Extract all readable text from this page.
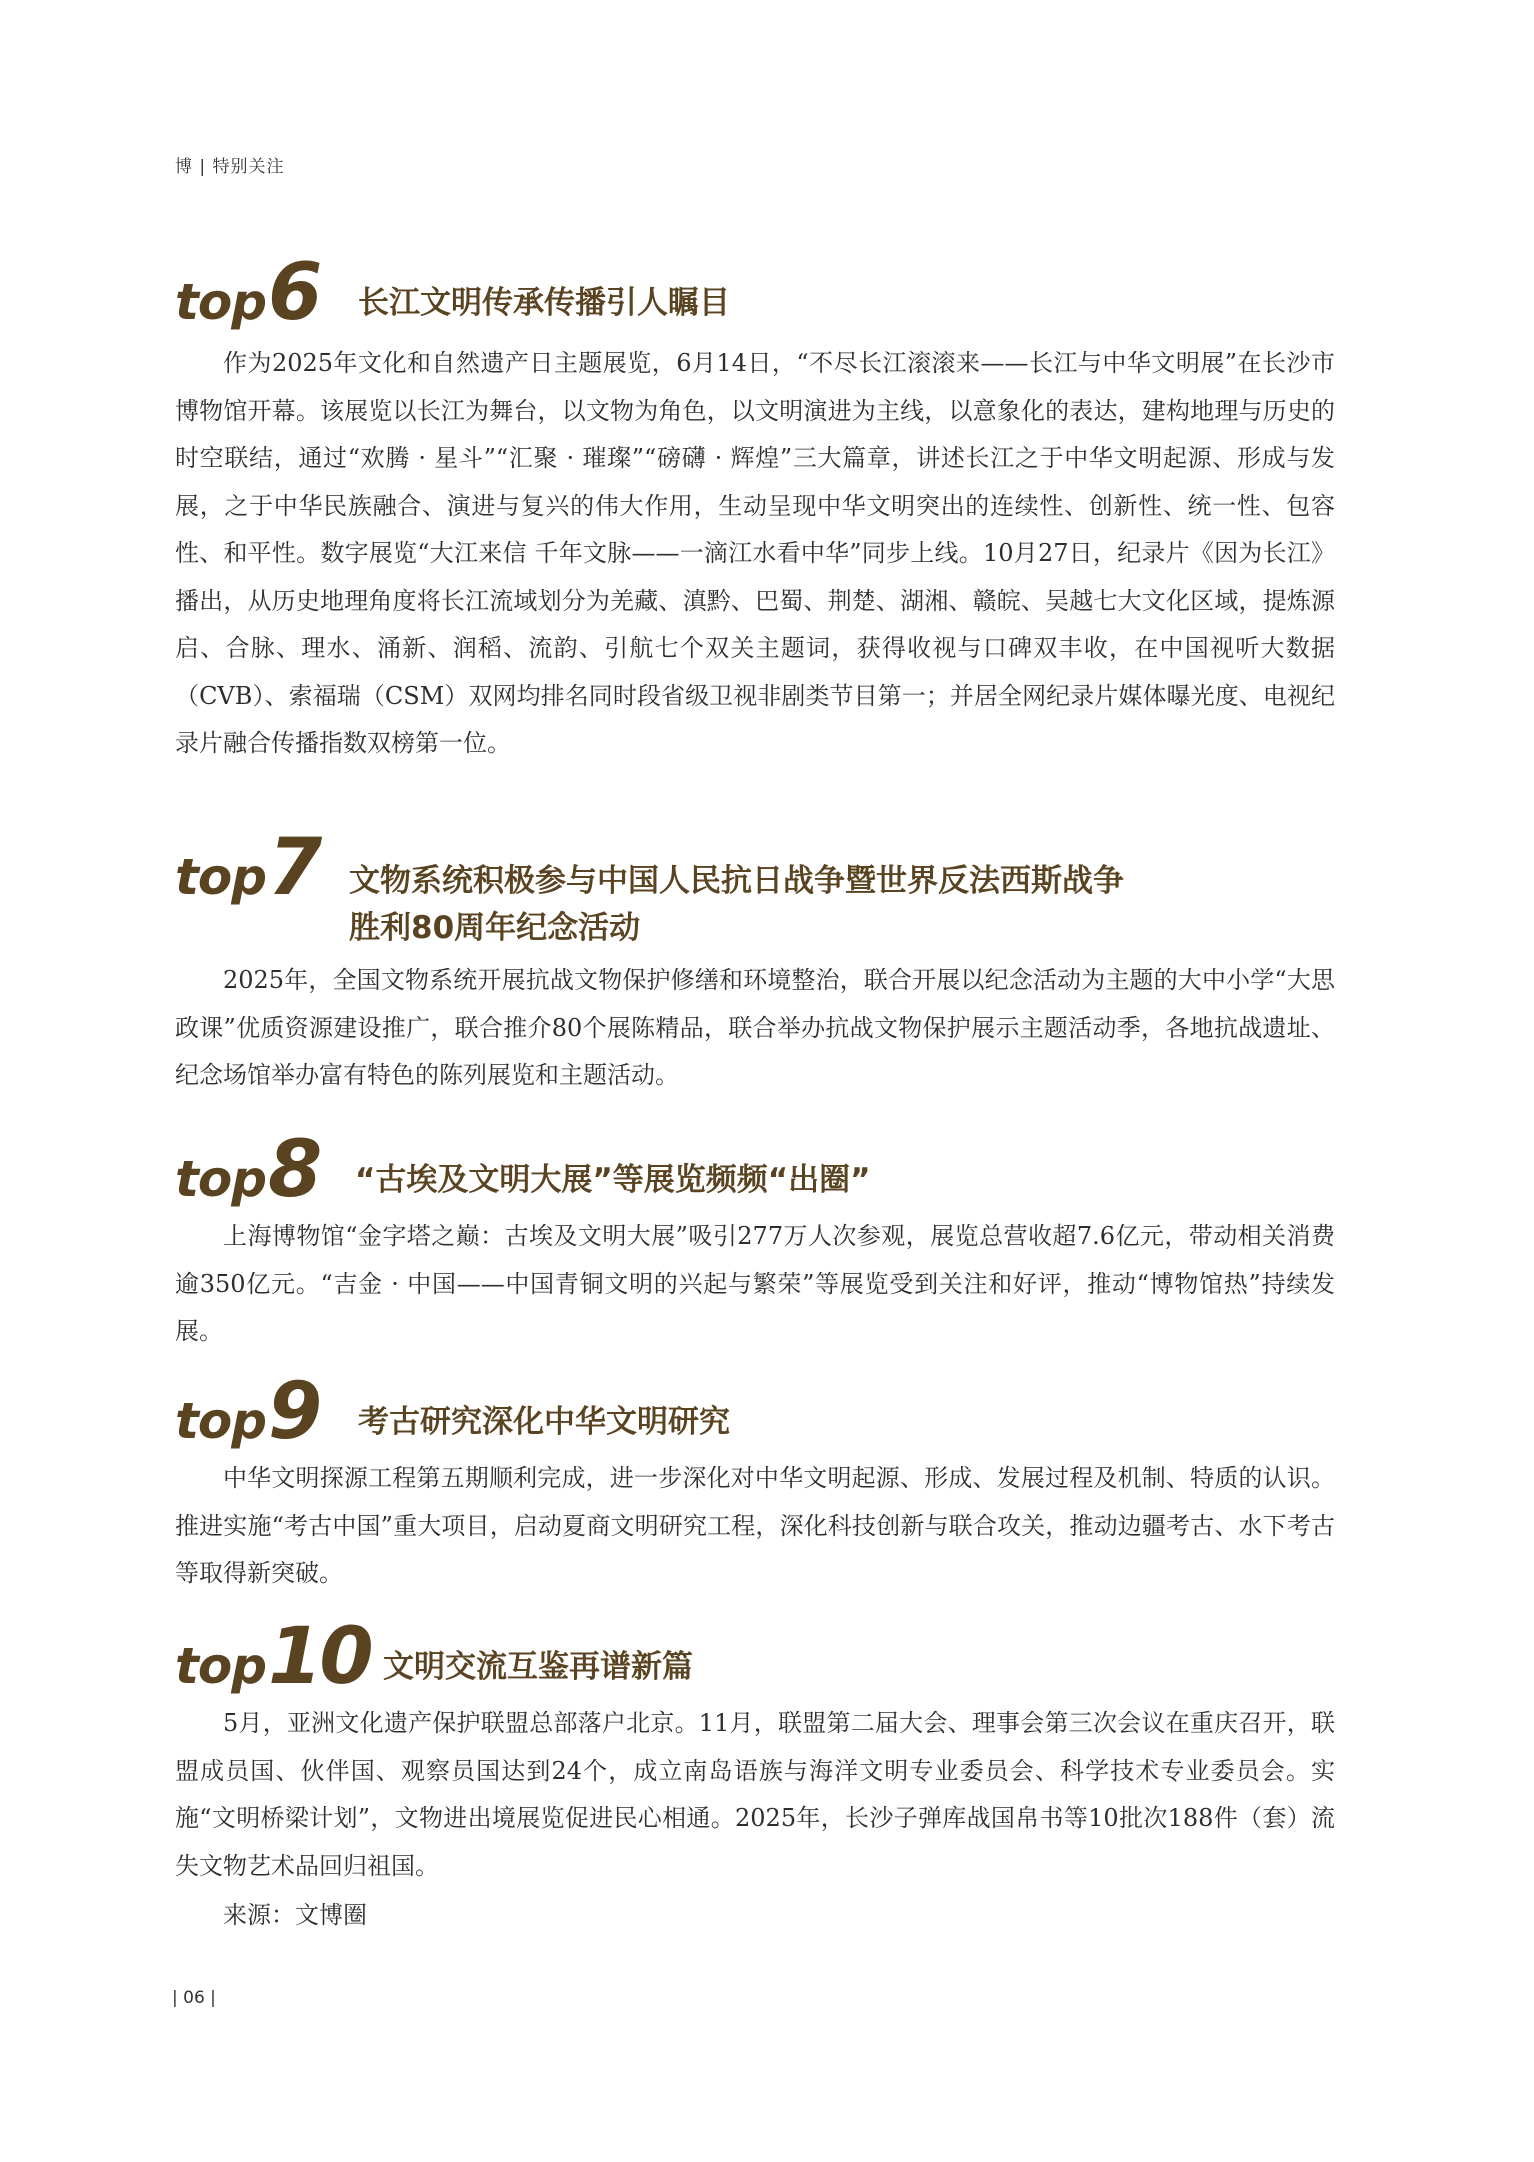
博 | 特别关注
top6 长江文明传承传播引人瞩目

作为2025年文化和自然遗产日主题展览，6月14日，“不尽长江滚滚来——长江与中华文明展”在长沙市博物馆开幕。该展览以长江为舞台，以文物为角色，以文明演进为主线，以意象化的表达，建构地理与历史的时空联结，通过“欢腾 · 星斗”“汇聚 · 璀璨”“磅礴 · 辉煌”三大篇章，讲述长江之于中华文明起源、形成与发展，之于中华民族融合、演进与复兴的伟大作用，生动呈现中华文明突出的连续性、创新性、统一性、包容性、和平性。数字展览“大江来信 千年文脉——一滴江水看中华”同步上线。10月27日，纪录片《因为长江》播出，从历史地理角度将长江流域划分为羌藏、滇黔、巴蜀、荆楚、湖湘、赣皖、吴越七大文化区域，提炼源启、合脉、理水、涌新、润稻、流韵、引航七个双关主题词，获得收视与口碑双丰收，在中国视听大数据（CVB）、索福瑞（CSM）双网均排名同时段省级卫视非剧类节目第一；并居全网纪录片媒体曝光度、电视纪录片融合传播指数双榜第一位。

top7 文物系统积极参与中国人民抗日战争暨世界反法西斯战争
胜利80周年纪念活动

2025年，全国文物系统开展抗战文物保护修缮和环境整治，联合开展以纪念活动为主题的大中小学“大思政课”优质资源建设推广，联合推介80个展陈精品，联合举办抗战文物保护展示主题活动季，各地抗战遗址、纪念场馆举办富有特色的陈列展览和主题活动。

top8 “古埃及文明大展”等展览频频“出圈”

上海博物馆“金字塔之巅：古埃及文明大展”吸引277万人次参观，展览总营收超7.6亿元，带动相关消费逾350亿元。“吉金 · 中国——中国青铜文明的兴起与繁荣”等展览受到关注和好评，推动“博物馆热”持续发展。

top9 考古研究深化中华文明研究

中华文明探源工程第五期顺利完成，进一步深化对中华文明起源、形成、发展过程及机制、特质的认识。推进实施“考古中国”重大项目，启动夏商文明研究工程，深化科技创新与联合攻关，推动边疆考古、水下考古等取得新突破。

top10 文明交流互鉴再谱新篇

5月，亚洲文化遗产保护联盟总部落户北京。11月，联盟第二届大会、理事会第三次会议在重庆召开，联盟成员国、伙伴国、观察员国达到24个，成立南岛语族与海洋文明专业委员会、科学技术专业委员会。实施“文明桥梁计划”，文物进出境展览促进民心相通。2025年，长沙子弹库战国帛书等10批次188件（套）流失文物艺术品回归祖国。

来源：文博圈
| 06 |
